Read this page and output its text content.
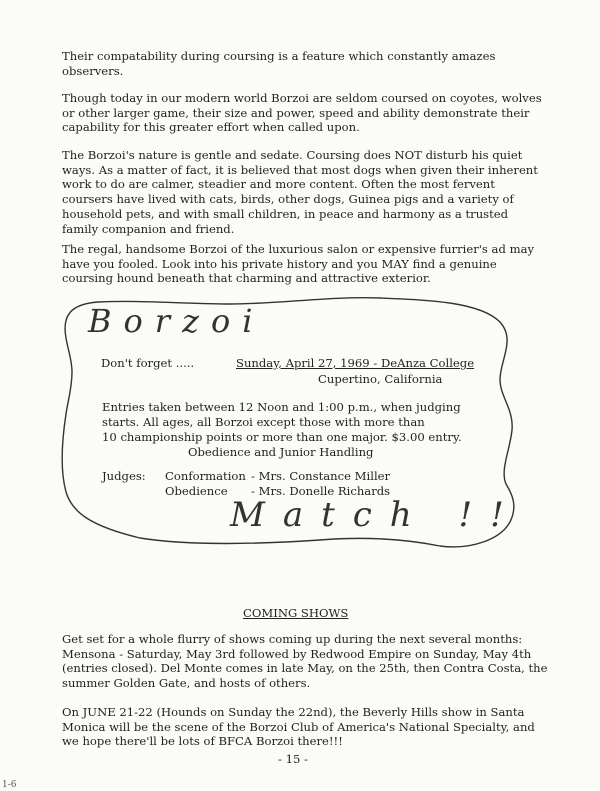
Their compatability during coursing is a feature which constantly amazes observers.

Though today in our modern world Borzoi are seldom coursed on coyotes, wolves or other larger game, their size and power, speed and ability demonstrate their capability for this greater effort when called upon.

The Borzoi's nature is gentle and sedate. Coursing does NOT disturb his quiet ways. As a matter of fact, it is believed that most dogs when given their inherent work to do are calmer, steadier and more content. Often the most fervent coursers have lived with cats, birds, other dogs, Guinea pigs and a variety of household pets, and with small children, in peace and harmony as a trusted family companion and friend.

The regal, handsome Borzoi of the luxurious salon or expensive furrier's ad may have you fooled. Look into his private history and you MAY find a genuine coursing hound beneath that charming and attractive exterior.

Borzoi
Don't forget .....	Sunday, April 27, 1969 - DeAnza College
Cupertino, California
Entries taken between 12 Noon and 1:00 p.m., when judging
starts. All ages, all Borzoi except those with more than
10 championship points or more than one major. $3.00 entry.
Obedience and Junior Handling
Judges: Conformation - Mrs. Constance Miller
Obedience - Mrs. Donelle Richards
Match !!
COMING SHOWS

Get set for a whole flurry of shows coming up during the next several months: Mensona - Saturday, May 3rd followed by Redwood Empire on Sunday, May 4th (entries closed). Del Monte comes in late May, on the 25th, then Contra Costa, the summer Golden Gate, and hosts of others.

On JUNE 21-22 (Hounds on Sunday the 22nd), the Beverly Hills show in Santa Monica will be the scene of the Borzoi Club of America's National Specialty, and we hope there'll be lots of BFCA Borzoi there!!!

- 15 -
1-6
